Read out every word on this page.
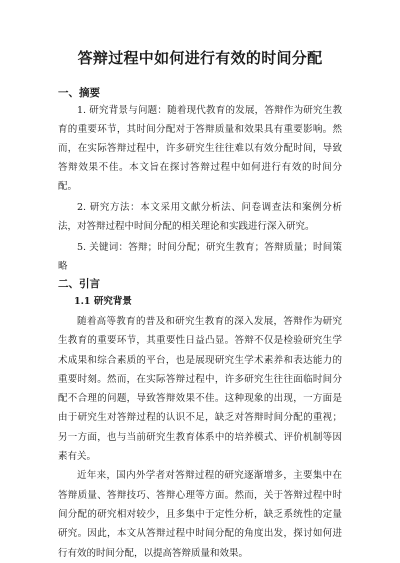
答辩过程中如何进行有效的时间分配
一、摘要

1. 研究背景与问题：随着现代教育的发展，答辩作为研究生教育的重要环节，其时间分配对于答辩质量和效果具有重要影响。然而，在实际答辩过程中，许多研究生往往难以有效分配时间，导致答辩效果不佳。本文旨在探讨答辩过程中如何进行有效的时间分配。

2. 研究方法：本文采用文献分析法、问卷调查法和案例分析法，对答辩过程中时间分配的相关理论和实践进行深入研究。

5. 关键词：答辩；时间分配；研究生教育；答辩质量；时间策略

二、引言
1.1 研究背景

随着高等教育的普及和研究生教育的深入发展，答辩作为研究生教育的重要环节，其重要性日益凸显。答辩不仅是检验研究生学术成果和综合素质的平台，也是展现研究生学术素养和表达能力的重要时刻。然而，在实际答辩过程中，许多研究生往往面临时间分配不合理的问题，导致答辩效果不佳。这种现象的出现，一方面是由于研究生对答辩过程的认识不足，缺乏对答辩时间分配的重视；另一方面，也与当前研究生教育体系中的培养模式、评价机制等因素有关。

近年来，国内外学者对答辩过程的研究逐渐增多，主要集中在答辩质量、答辩技巧、答辩心理等方面。然而，关于答辩过程中时间分配的研究相对较少，且多集中于定性分析，缺乏系统性的定量研究。因此，本文从答辩过程中时间分配的角度出发，探讨如何进行有效的时间分配，以提高答辩质量和效果。
